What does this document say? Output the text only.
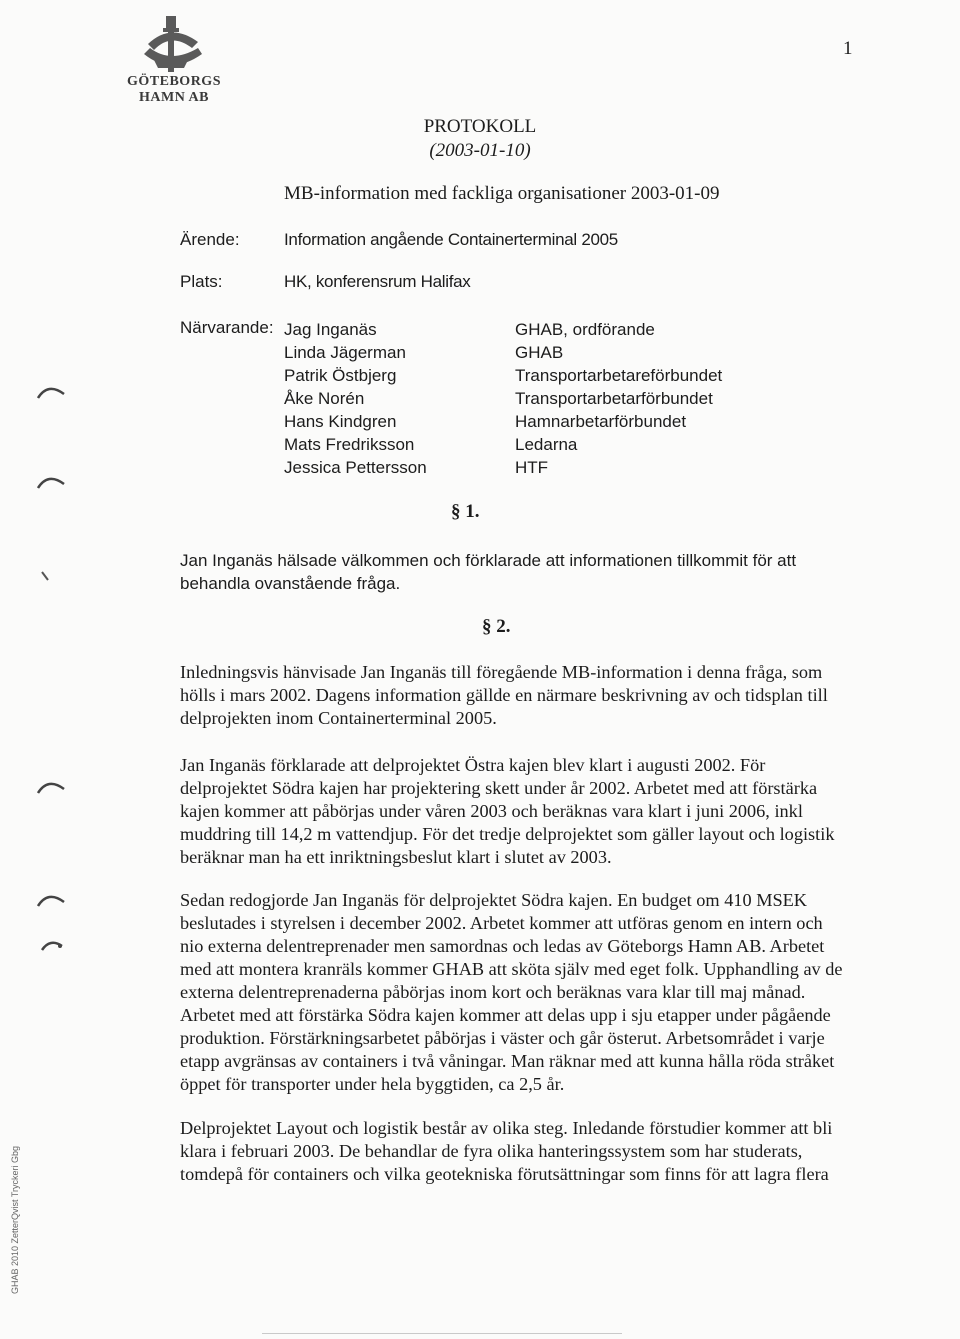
GÖTEBORGS
HAMN AB
1
PROTOKOLL
(2003-01-10)
MB-information med fackliga organisationer 2003-01-09
Ärende:	Information angående Containerterminal 2005
Plats:	HK, konferensrum Halifax
Närvarande: Jag Inganäs
Linda Jägerman
Patrik Östbjerg
Åke Norén
Hans Kindgren
Mats Fredriksson
Jessica Pettersson
GHAB, ordförande
GHAB
Transportarbetareförbundet
Transportarbetarförbundet
Hamnarbetarförbundet
Ledarna
HTF
§ 1.
Jan Inganäs hälsade välkommen och förklarade att informationen tillkommit för att
behandla ovanstående fråga.
§ 2.
Inledningsvis hänvisade Jan Inganäs till föregående MB-information i denna fråga, som
hölls i mars 2002. Dagens information gällde en närmare beskrivning av och tidsplan till
delprojekten inom Containerterminal 2005.
Jan Inganäs förklarade att delprojektet Östra kajen blev klart i augusti 2002. För
delprojektet Södra kajen har projektering skett under år 2002. Arbetet med att förstärka
kajen kommer att påbörjas under våren 2003 och beräknas vara klart i juni 2006, inkl
muddring till 14,2 m vattendjup. För det tredje delprojektet som gäller layout och logistik
beräknar man ha ett inriktningsbeslut klart i slutet av 2003.
Sedan redogjorde Jan Inganäs för delprojektet Södra kajen. En budget om 410 MSEK
beslutades i styrelsen i december 2002. Arbetet kommer att utföras genom en intern och
nio externa delentreprenader men samordnas och ledas av Göteborgs Hamn AB. Arbetet
med att montera kranräls kommer GHAB att sköta själv med eget folk. Upphandling av de
externa delentreprenaderna påbörjas inom kort och beräknas vara klar till maj månad.
Arbetet med att förstärka Södra kajen kommer att delas upp i sju etapper under pågående
produktion. Förstärkningsarbetet påbörjas i väster och går österut. Arbetsområdet i varje
etapp avgränsas av containers i två våningar. Man räknar med att kunna hålla röda stråket
öppet för transporter under hela byggtiden, ca 2,5 år.
Delprojektet Layout och logistik består av olika steg. Inledande förstudier kommer att bli
klara i februari 2003. De behandlar de fyra olika hanteringssystem som har studerats,
tomdepå för containers och vilka geotekniska förutsättningar som finns för att lagra flera
GHAB 2010 ZetterQvist Tryckeri Gbg
